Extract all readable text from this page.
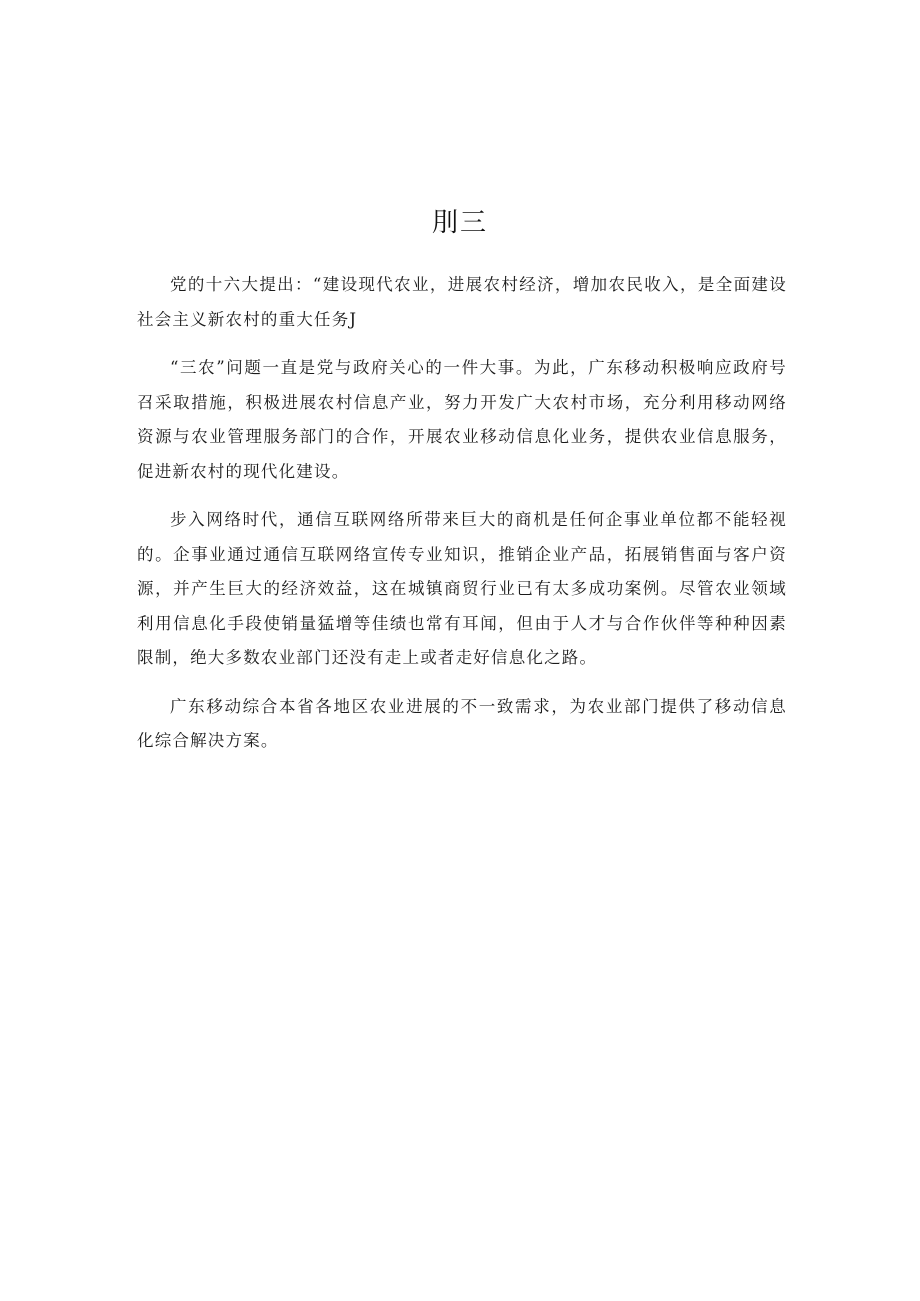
刖三

党的十六大提出：“建设现代农业，进展农村经济，增加农民收入，是全面建设社会主义新农村的重大任务J

“三农”问题一直是党与政府关心的一件大事。为此，广东移动积极响应政府号召采取措施，积极进展农村信息产业，努力开发广大农村市场，充分利用移动网络资源与农业管理服务部门的合作，开展农业移动信息化业务，提供农业信息服务，促进新农村的现代化建设。

步入网络时代，通信互联网络所带来巨大的商机是任何企事业单位都不能轻视的。企事业通过通信互联网络宣传专业知识，推销企业产品，拓展销售面与客户资源，并产生巨大的经济效益，这在城镇商贸行业已有太多成功案例。尽管农业领域利用信息化手段使销量猛增等佳绩也常有耳闻，但由于人才与合作伙伴等种种因素限制，绝大多数农业部门还没有走上或者走好信息化之路。

广东移动综合本省各地区农业进展的不一致需求，为农业部门提供了移动信息化综合解决方案。
